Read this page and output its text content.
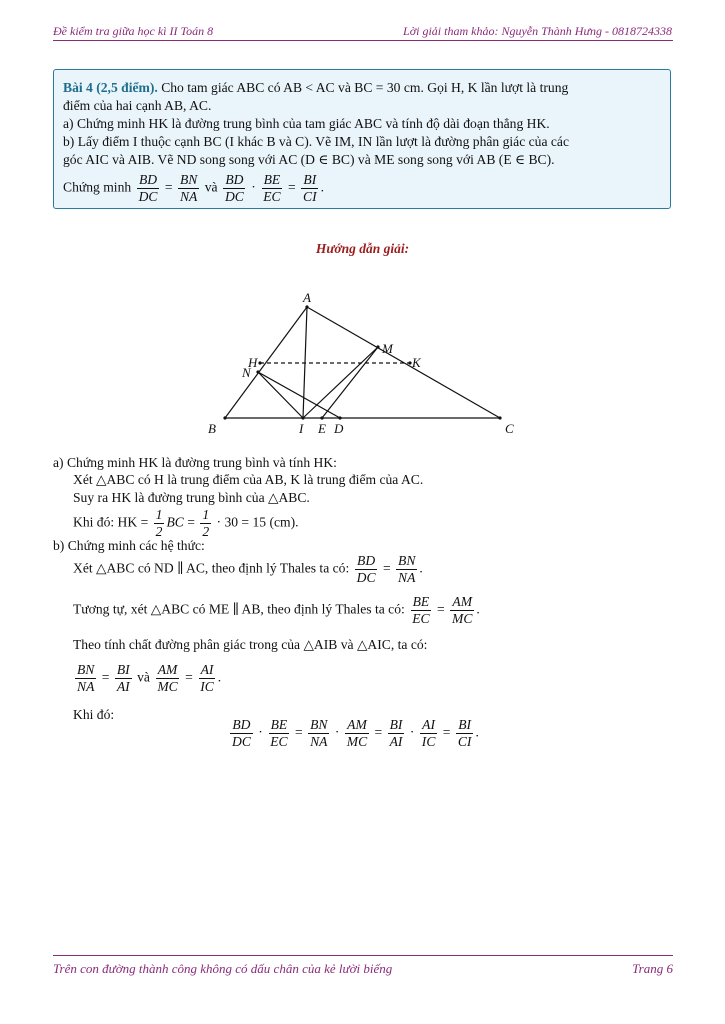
Đề kiểm tra giữa học kì II Toán 8	Lời giải tham khảo: Nguyễn Thành Hưng - 0818724338
Bài 4 (2,5 điểm). Cho tam giác ABC có AB < AC và BC = 30 cm. Gọi H, K lần lượt là trung
điểm của hai cạnh AB, AC.
a) Chứng minh HK là đường trung bình của tam giác ABC và tính độ dài đoạn thẳng HK.
b) Lấy điểm I thuộc cạnh BC (I khác B và C). Vẽ IM, IN lần lượt là đường phân giác của các
góc AIC và AIB. Vẽ ND song song với AC (D ∈ BC) và ME song song với AB (E ∈ BC).
Chứng minh $\frac{BD}{DC} = \frac{BN}{NA}$ và $\frac{BD}{DC} \cdot \frac{BE}{EC} = \frac{BI}{CI}$ .
Hướng dẫn giải:
A
B	C
H	K
M
N
I E D
a) Chứng minh HK là đường trung bình và tính HK:
Xét △ABC có H là trung điểm của AB, K là trung điểm của AC.
Suy ra HK là đường trung bình của △ABC.
Khi đó: HK = $\frac{1}{2}$ BC = $\frac{1}{2} \cdot 30 = 15$ (cm).
b) Chứng minh các hệ thức:
Xét △ABC có ND ∥ AC, theo định lý Thales ta có: $\frac{BD}{DC} = \frac{BN}{NA}$ .
Tương tự, xét △ABC có ME ∥ AB, theo định lý Thales ta có: $\frac{BE}{EC} = \frac{AM}{MC}$ .
Theo tính chất đường phân giác trong của △AIB và △AIC, ta có:
$\frac{BN}{NA} = \frac{BI}{AI}$ và $\frac{AM}{MC} = \frac{AI}{IC}$ .
Khi đó:
$\frac{BD}{DC} \cdot \frac{BE}{EC} = \frac{BN}{NA} \cdot \frac{AM}{MC} = \frac{BI}{AI} \cdot \frac{AI}{IC} = \frac{BI}{CI}$ .
Trên con đường thành công không có dấu chân của kẻ lười biếng	Trang 6
